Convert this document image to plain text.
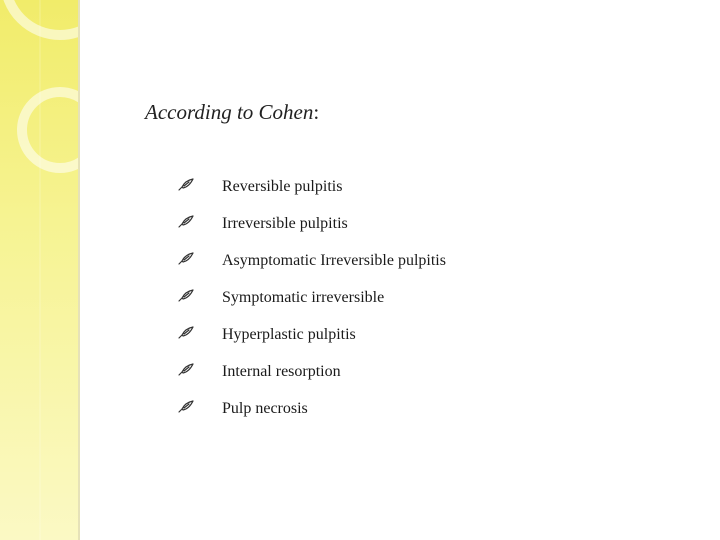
According to Cohen:
Reversible pulpitis
Irreversible pulpitis
Asymptomatic Irreversible pulpitis
Symptomatic irreversible
Hyperplastic pulpitis
Internal resorption
Pulp necrosis
